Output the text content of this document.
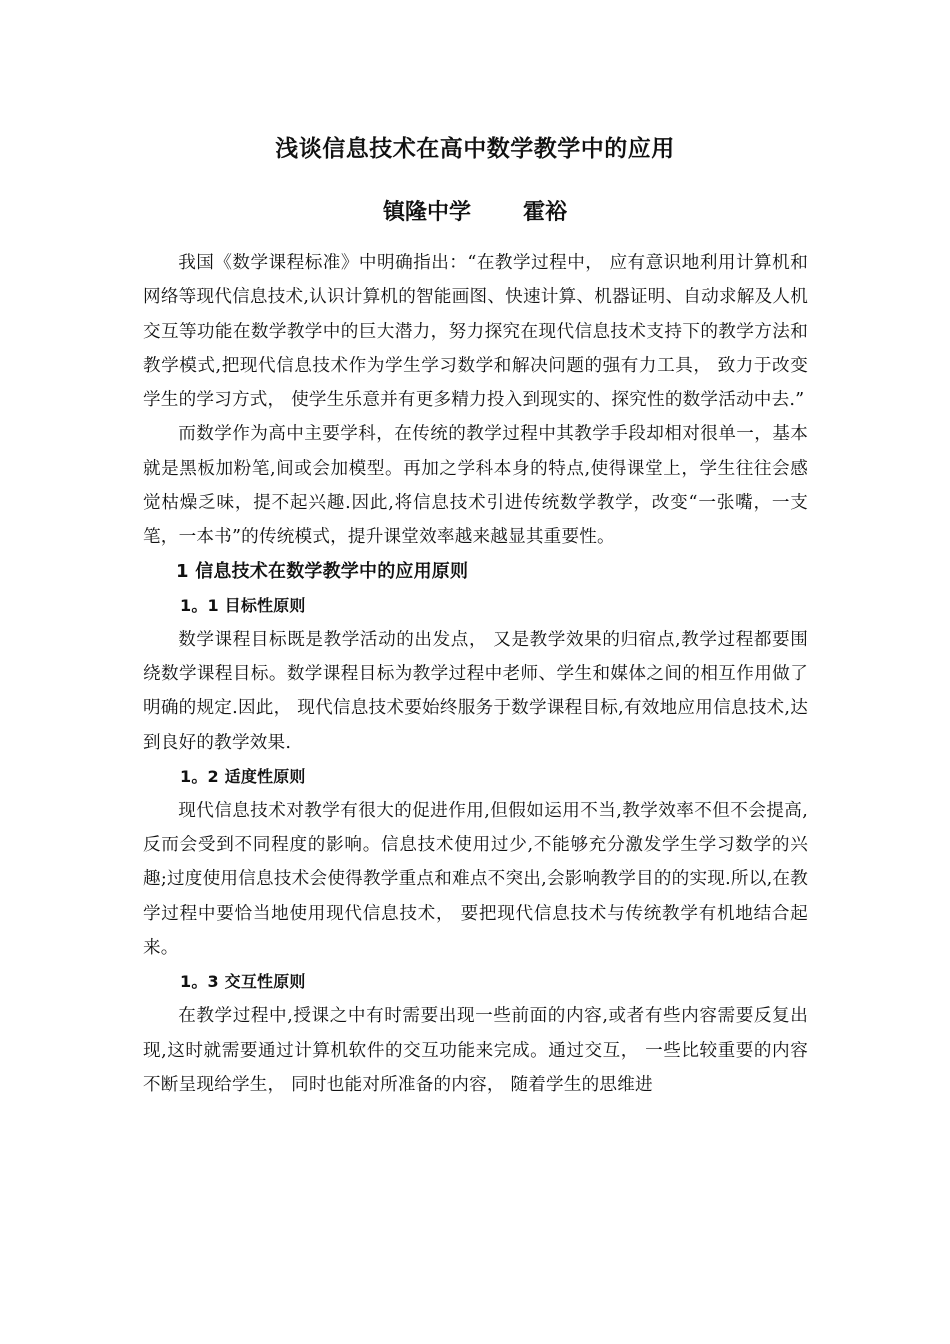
浅谈信息技术在高中数学教学中的应用
镇隆中学 霍裕

我国《数学课程标准》中明确指出：“在教学过程中， 应有意识地利用计算机和网络等现代信息技术,认识计算机的智能画图、快速计算、机器证明、自动求解及人机交互等功能在数学教学中的巨大潜力，努力探究在现代信息技术支持下的教学方法和教学模式,把现代信息技术作为学生学习数学和解决问题的强有力工具， 致力于改变学生的学习方式， 使学生乐意并有更多精力投入到现实的、探究性的数学活动中去.”

而数学作为高中主要学科，在传统的教学过程中其教学手段却相对很单一，基本就是黑板加粉笔,间或会加模型。再加之学科本身的特点,使得课堂上，学生往往会感觉枯燥乏味，提不起兴趣.因此,将信息技术引进传统数学教学，改变“一张嘴，一支笔，一本书”的传统模式，提升课堂效率越来越显其重要性。

1 信息技术在数学教学中的应用原则
1。1 目标性原则

数学课程目标既是教学活动的出发点， 又是教学效果的归宿点,教学过程都要围绕数学课程目标。数学课程目标为教学过程中老师、学生和媒体之间的相互作用做了明确的规定.因此， 现代信息技术要始终服务于数学课程目标,有效地应用信息技术,达到良好的教学效果.

1。2 适度性原则

现代信息技术对教学有很大的促进作用,但假如运用不当,教学效率不但不会提高,反而会受到不同程度的影响。信息技术使用过少,不能够充分激发学生学习数学的兴趣;过度使用信息技术会使得教学重点和难点不突出,会影响教学目的的实现.所以,在教学过程中要恰当地使用现代信息技术， 要把现代信息技术与传统教学有机地结合起来。

1。3 交互性原则

在教学过程中,授课之中有时需要出现一些前面的内容,或者有些内容需要反复出现,这时就需要通过计算机软件的交互功能来完成。通过交互， 一些比较重要的内容不断呈现给学生， 同时也能对所准备的内容， 随着学生的思维进
